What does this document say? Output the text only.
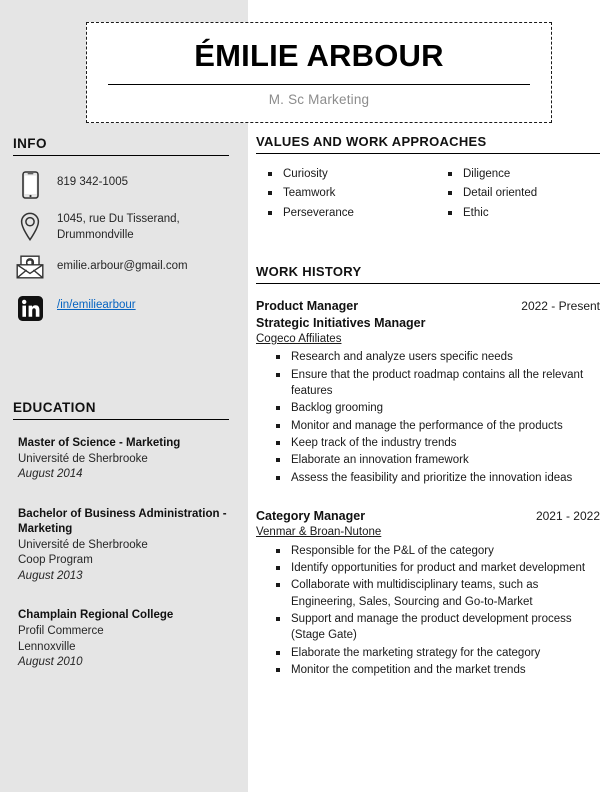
ÉMILIE ARBOUR
M. Sc Marketing
INFO
819 342-1005
1045, rue Du Tisserand, Drummondville
emilie.arbour@gmail.com
/in/emiliearbour
EDUCATION
Master of Science - Marketing
Université de Sherbrooke
August 2014
Bachelor of Business Administration - Marketing
Université de Sherbrooke
Coop Program
August 2013
Champlain Regional College
Profil Commerce
Lennoxville
August 2010
VALUES AND WORK APPROACHES
Curiosity
Teamwork
Perseverance
Diligence
Detail oriented
Ethic
WORK HISTORY
Product Manager
Strategic Initiatives Manager
2022 - Present
Cogeco Affiliates
Research and analyze users specific needs
Ensure that the product roadmap contains all the relevant features
Backlog grooming
Monitor and manage the performance of the products
Keep track of the industry trends
Elaborate an innovation framework
Assess the feasibility and prioritize the innovation ideas
Category Manager	2021 - 2022
Venmar & Broan-Nutone
Responsible for the P&L of the category
Identify opportunities for product and market development
Collaborate with multidisciplinary teams, such as Engineering, Sales, Sourcing and Go-to-Market
Support and manage the product development process (Stage Gate)
Elaborate the marketing strategy for the category
Monitor the competition and the market trends
